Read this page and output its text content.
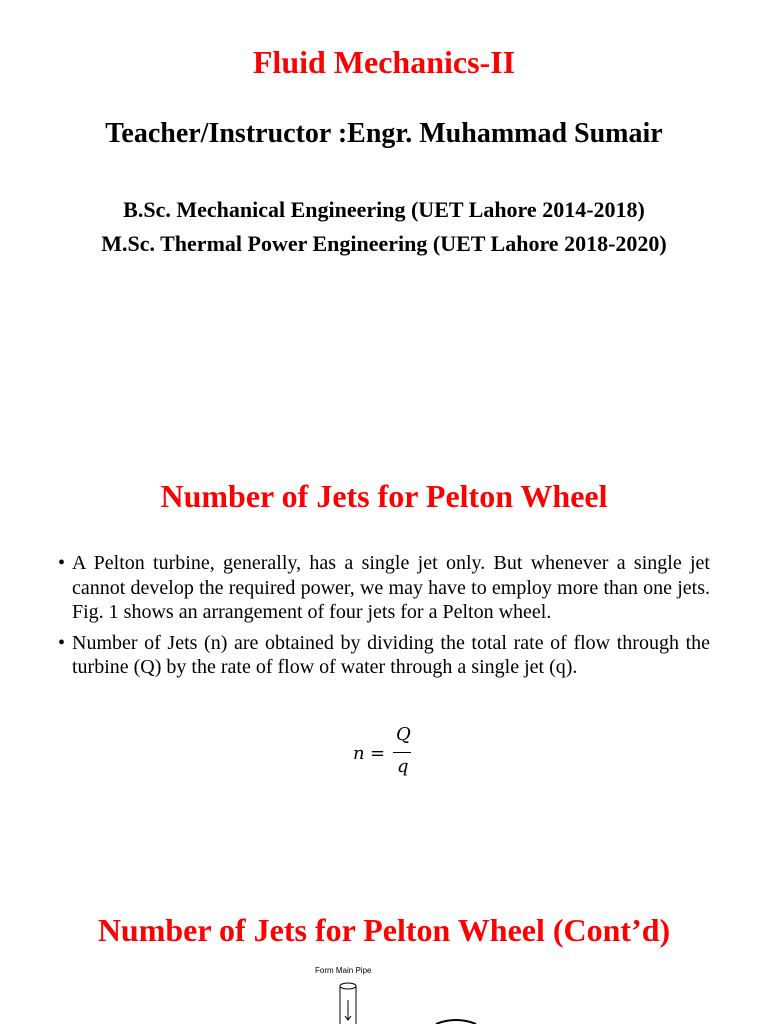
Fluid Mechanics-II
Teacher/Instructor :Engr. Muhammad Sumair
B.Sc. Mechanical Engineering (UET Lahore 2014-2018)
M.Sc. Thermal Power Engineering (UET Lahore 2018-2020)
Number of Jets for Pelton Wheel
• A Pelton turbine, generally, has a single jet only. But whenever a single jet cannot develop the required power, we may have to employ more than one jets. Fig. 1 shows an arrangement of four jets for a Pelton wheel.
• Number of Jets (n) are obtained by dividing the total rate of flow through the turbine (Q) by the rate of flow of water through a single jet (q).
n =
Q
q
Number of Jets for Pelton Wheel (Cont’d)
Form Main Pipe
